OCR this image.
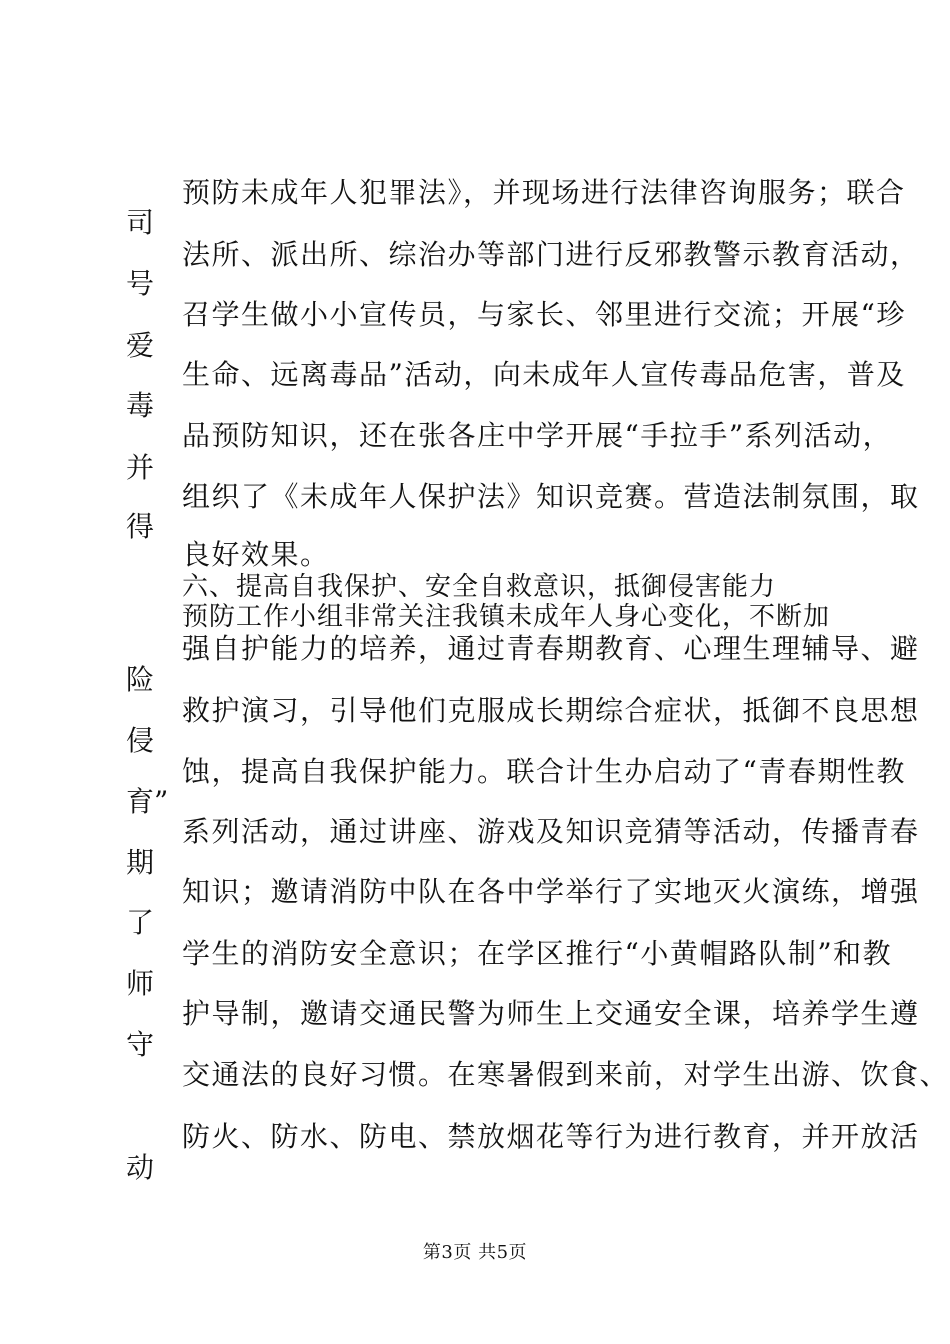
预防未成年人犯罪法》，并现场进行法律咨询服务；联合
法所、派出所、综治办等部门进行反邪教警示教育活动，
召学生做小小宣传员，与家长、邻里进行交流；开展“珍
生命、远离毒品”活动，向未成年人宣传毒品危害，普及
品预防知识，还在张各庄中学开展“手拉手”系列活动，
组织了《未成年人保护法》知识竞赛。营造法制氛围，取
良好效果。
六、提高自我保护、安全自救意识，抵御侵害能力
预防工作小组非常关注我镇未成年人身心变化，不断加
强自护能力的培养，通过青春期教育、心理生理辅导、避
救护演习，引导他们克服成长期综合症状，抵御不良思想
蚀，提高自我保护能力。联合计生办启动了“青春期性教
系列活动，通过讲座、游戏及知识竞猜等活动，传播青春
知识；邀请消防中队在各中学举行了实地灭火演练，增强
学生的消防安全意识；在学区推行“小黄帽路队制”和教
护导制，邀请交通民警为师生上交通安全课，培养学生遵
交通法的良好习惯。在寒暑假到来前，对学生出游、饮食、
防火、防水、防电、禁放烟花等行为进行教育，并开放活
司
号
爱
毒
并
得
险
侵
育”
期
了
师
守
动
第3页 共5页
